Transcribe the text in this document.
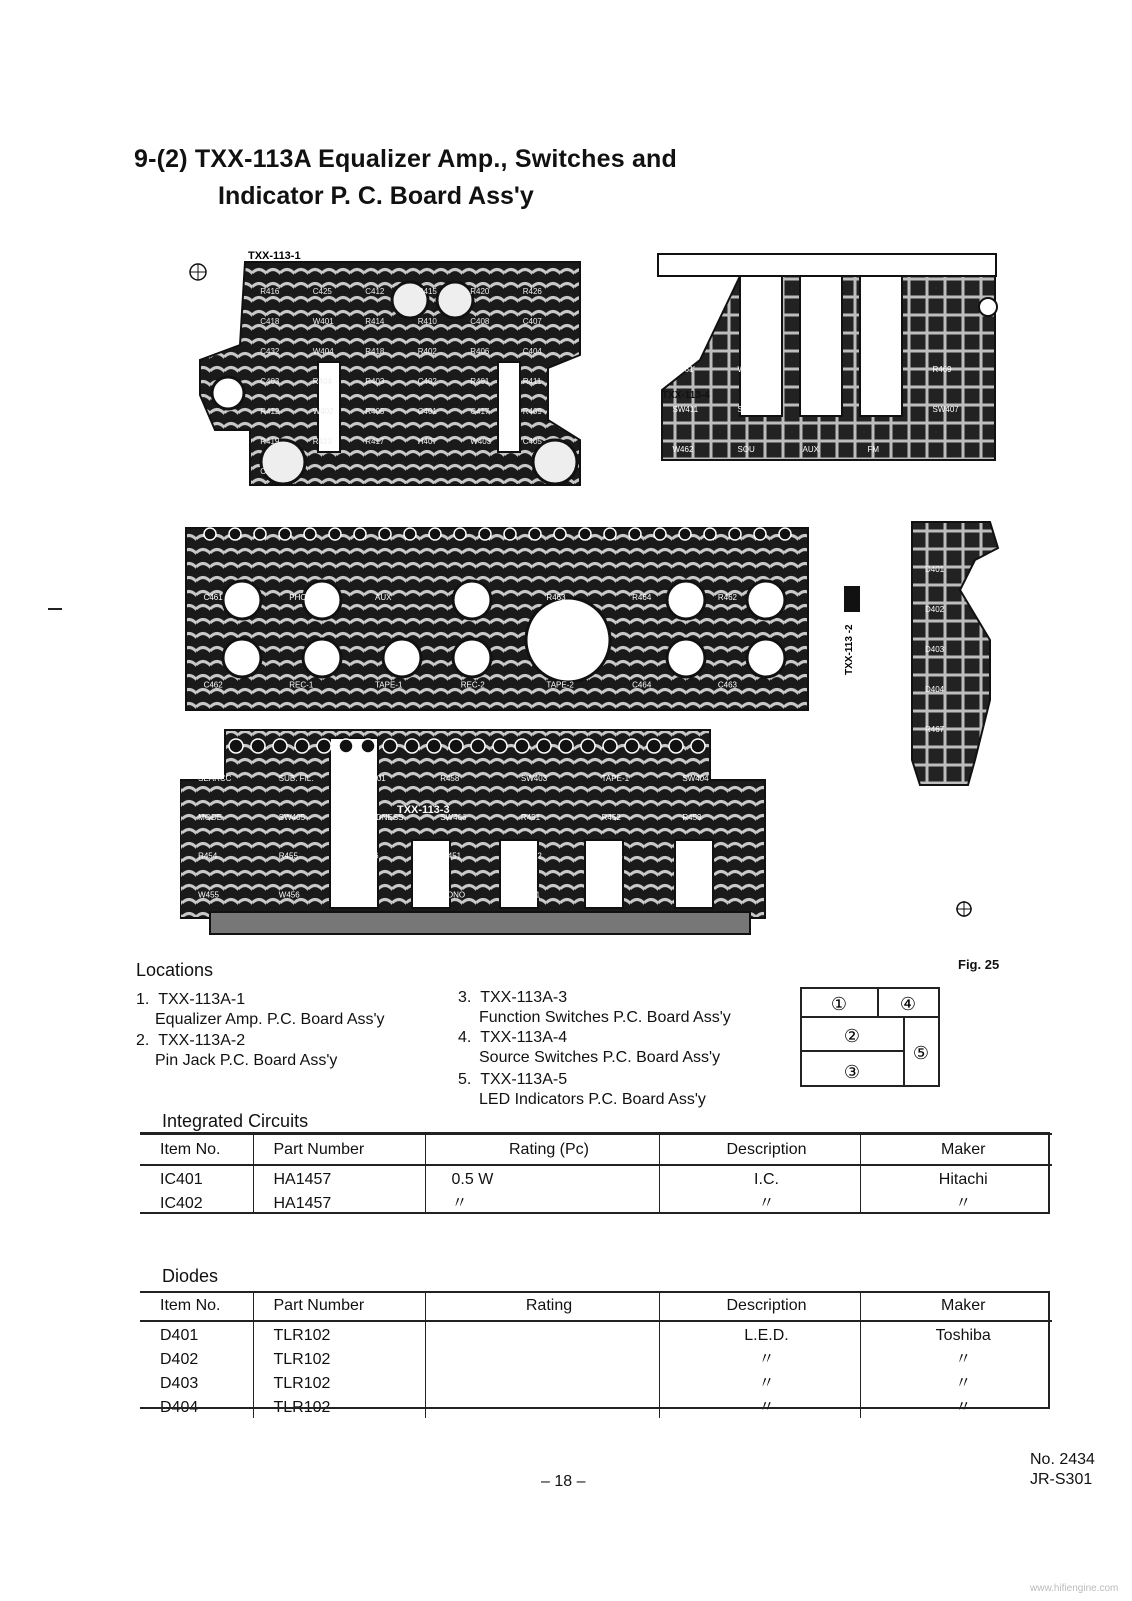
9-(2) TXX-113A Equalizer Amp., Switches and
Indicator P. C. Board Ass'y
TXX-113-1
R416	C425	C412	R415	R420	R426
C418	W401	R414	R410	C408	C407
C432	W404	R418	R402	R406	C404
C403	R404	R403	C402	R401	R411
R412	W402	R405	C401	C417	R409
R419	R423	R417	H407	W403	C405
C402
TXX-113-4
W461	W464	W463	R468	R469
SW411	SW408	SW410	SW409	SW407
W462	SOU	AUX	FM
TXX-113 -2
C461	PHONO	AUX	R461	R463	R464	R462
C462	REC-1	TAPE-1	REC-2	TAPE-2	C464	C463
D401
D402
D403
D404
R467
TXX-113-3
SEARCC	SUB. FIL.	SW401	R458	SW403	TAPE-1	SW404
MODE	SW405	LOUDNESS	SW406	R451	R452	R453
R454	R455	R456	W451	W452	W453	W454
W455	W456	FM	MONO	C451	C452
Fig. 25
Locations
1. TXX-113A-1
Equalizer Amp. P.C. Board Ass'y
2. TXX-113A-2
Pin Jack P.C. Board Ass'y
3. TXX-113A-3
Function Switches P.C. Board Ass'y
4. TXX-113A-4
Source Switches P.C. Board Ass'y
5. TXX-113A-5
LED Indicators P.C. Board Ass'y
①	④
②
③
⑤
Integrated Circuits
Item No.	Part Number	Rating (Pc)	Description	Maker
IC401	HA1457	0.5 W	I.C.	Hitachi
IC402	HA1457	〃	〃	〃
Diodes
Item No.	Part Number	Rating	Description	Maker
D401	TLR102		L.E.D.	Toshiba
D402	TLR102		〃	〃
D403	TLR102		〃	〃
D404	TLR102		〃	〃
– 18 –
No. 2434
JR-S301
www.hifiengine.com
